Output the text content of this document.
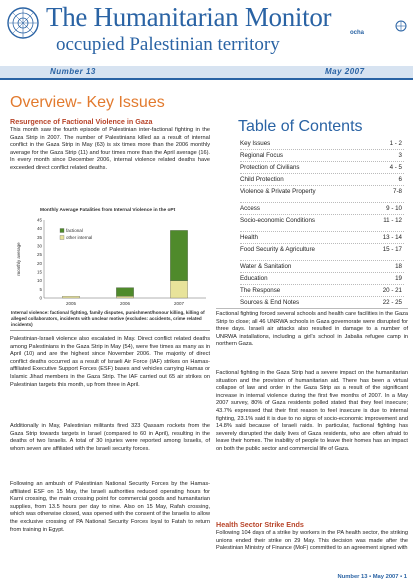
The Humanitarian Monitor
occupied Palestinian territory
ocha
Number 13	May 2007
Overview- Key Issues
Resurgence of Factional Violence in Gaza

This month saw the fourth episode of Palestinian inter-factional fighting in the Gaza Strip in 2007. The number of Palestinians killed as a result of internal conflict in the Gaza Strip in May (63) is six times more than the 2006 monthly average for the Gaza Strip (11) and four times more than the April average (16). In every month since December 2006, internal violence related deaths have exceeded direct conflict related deaths.

Monthly Average Fatalities from Internal Violence in the oPt
0
5
10
15
20
25
30
35
40
45
monthly average
2005	2006	2007
factional
other internal
Internal violence: factional fighting, family disputes, punishment/honour killing, killing of alleged collaborators, incidents with unclear motive (excludes: accidents, crime related incidents)

Palestinian-Israeli violence also escalated in May. Direct conflict related deaths among Palestinians in the Gaza Strip in May (54), were five times as many as in April (10) and are the highest since November 2006. The majority of direct conflict deaths occurred as a result of Israeli Air Force (IAF) strikes on Hamas-affiliated Executive Support Forces (ESF) bases and vehicles carrying Hamas or Islamic Jihad members in the Gaza Strip. The IAF carried out 65 air strikes on Palestinian targets this month, up from three in April.

Additionally in May, Palestinian militants fired 323 Qassam rockets from the Gaza Strip towards targets in Israel (compared to 60 in April), resulting in the deaths of two Israelis. A total of 30 injuries were reported among Israelis, of whom seven are affiliated with the Israeli security forces.

Following an ambush of Palestinian National Security Forces by the Hamas-affiliated ESF on 15 May, the Israeli authorities reduced operating hours for Karni crossing, the main crossing point for commercial goods and humanitarian supplies, from 13.5 hours per day to nine. Also on 15 May, Rafah crossing, which was otherwise closed, was opened with the consent of the Israelis to allow the exclusive crossing of PA National Security Forces loyal to Fatah to return from training in Egypt.

Table of Contents
Key Issues	1 - 2
Regional Focus	3
Protection of Civilians	4 - 5
Child Protection	6
Violence & Private Property	7-8
Access	9 - 10
Socio-economic Conditions	11 - 12
Health	13 - 14
Food Security & Agriculture	15 - 17
Water & Sanitation	18
Education	19
The Response	20 - 21
Sources & End Notes	22 - 25

Factional fighting forced several schools and health care facilities in the Gaza Strip to close; all 46 UNRWA schools in Gaza governorate were disrupted for three days. Israeli air attacks also resulted in damage to a number of UNRWA installations, including a girl's school in Jabalia refugee camp in northern Gaza.

Factional fighting in the Gaza Strip had a severe impact on the humanitarian situation and the provision of humanitarian aid. There has been a virtual collapse of law and order in the Gaza Strip as a result of the significant increase in internal violence during the first five months of 2007. In a May 2007 survey, 80% of Gaza residents polled stated that they feel insecure; 43.7% expressed that their first reason to feel insecure is due to internal fighting, 23.1% said it is due to no signs of socio-economic improvement and 14.8% said because of Israeli raids. In particular, factional fighting has severely disrupted the daily lives of Gaza residents, who are often afraid to leave their homes. The inability of people to leave their homes has an impact on both the public sector and commercial life of Gaza.

Health Sector Strike Ends

Following 104 days of a strike by workers in the PA health sector, the striking unions ended their strike on 29 May. This decision was made after the Palestinian Ministry of Finance (MoF) committed to an agreement signed with

Number 13 • May 2007 • 1
